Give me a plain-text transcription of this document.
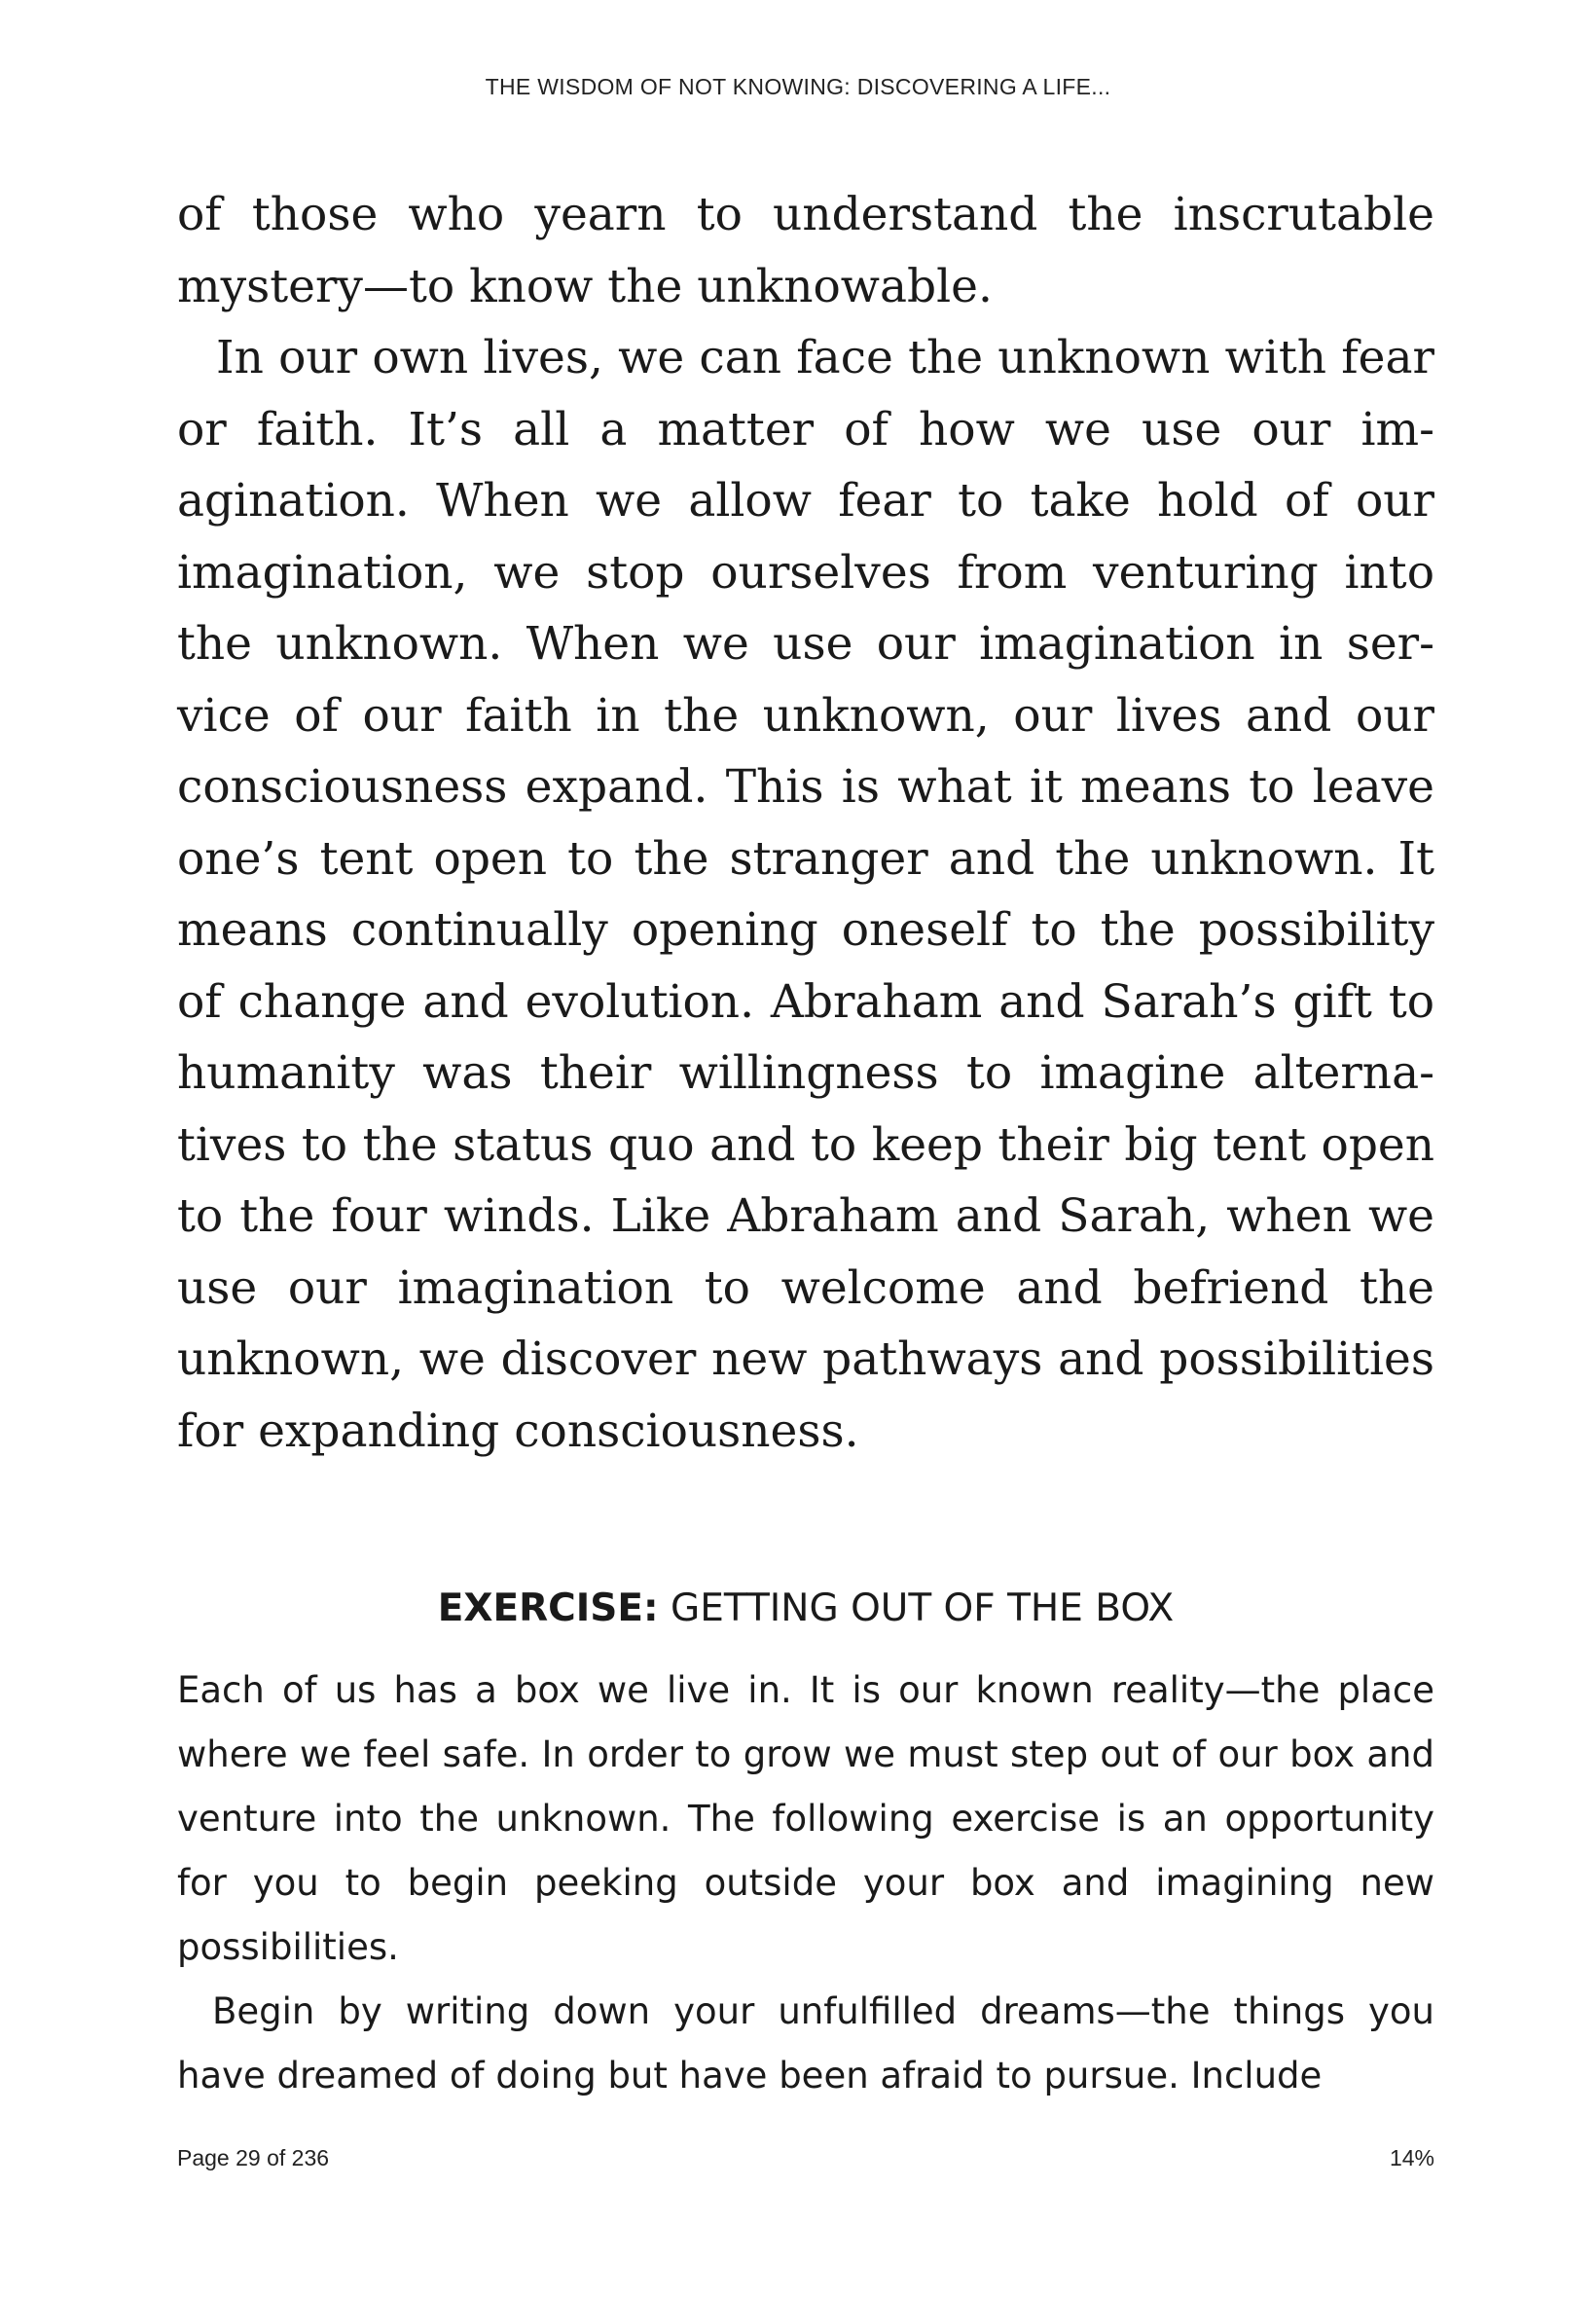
THE WISDOM OF NOT KNOWING: DISCOVERING A LIFE...

of those who yearn to understand the inscrutable mystery—to know the unknowable.

In our own lives, we can face the unknown with fear or faith. It’s all a matter of how we use our imagination. When we allow fear to take hold of our imagination, we stop ourselves from venturing into the unknown. When we use our imagination in service of our faith in the unknown, our lives and our consciousness expand. This is what it means to leave one’s tent open to the stranger and the unknown. It means continually opening oneself to the possibility of change and evolution. Abraham and Sarah’s gift to humanity was their willingness to imagine alternatives to the status quo and to keep their big tent open to the four winds. Like Abraham and Sarah, when we use our imagination to welcome and befriend the unknown, we discover new pathways and possibilities for expanding consciousness.

EXERCISE: GETTING OUT OF THE BOX

Each of us has a box we live in. It is our known reality—the place where we feel safe. In order to grow we must step out of our box and venture into the unknown. The following exercise is an opportunity for you to begin peeking outside your box and imagining new possibilities.

Begin by writing down your unfulfilled dreams—the things you have dreamed of doing but have been afraid to pursue. Include

Page 29 of 236	14%
